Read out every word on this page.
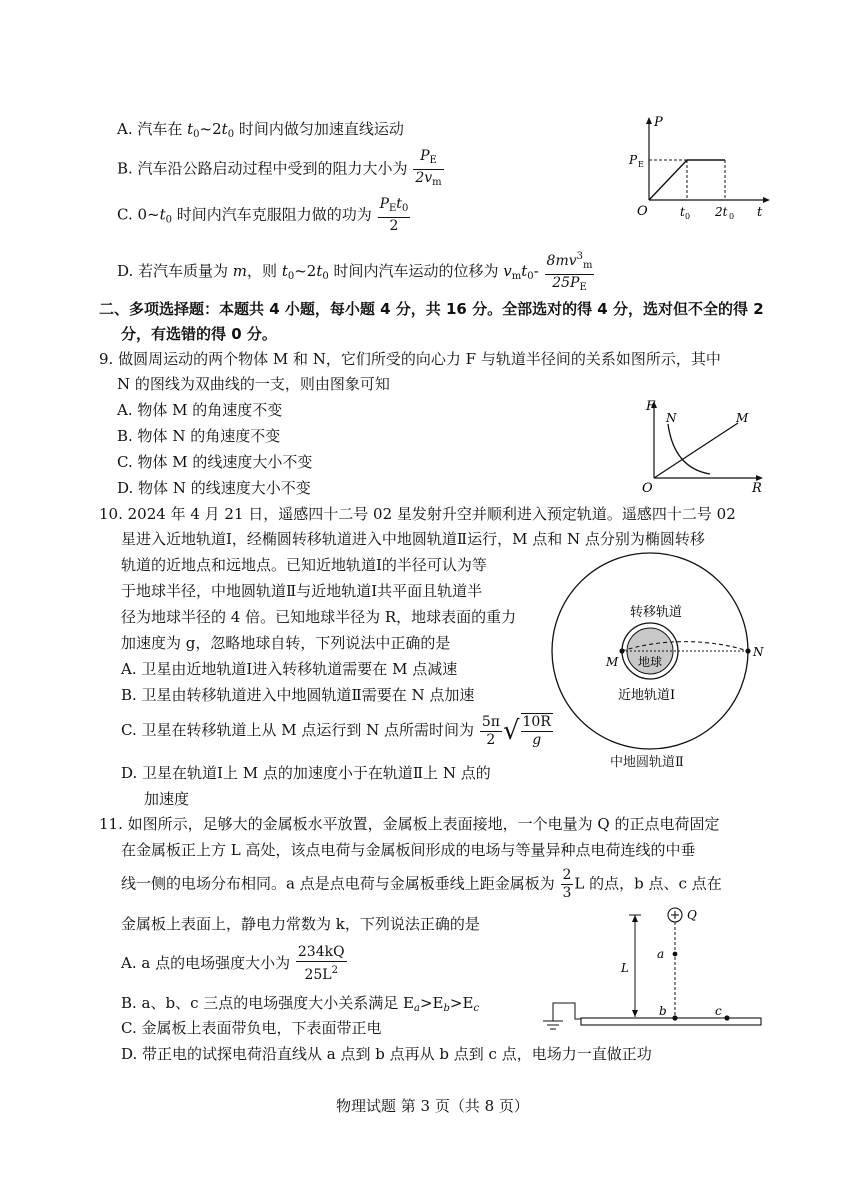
A. 汽车在 $t_0\sim 2t_0$ 时间内做匀加速直线运动
B. 汽车沿公路启动过程中受到的阻力大小为 $\frac{P_E}{2v_m}$
C. $0\sim t_0$ 时间内汽车克服阻力做的功为 $\frac{P_Et_0}{2}$
D. 若汽车质量为 m，则 $t_0\sim 2t_0$ 时间内汽车运动的位移为 $v_mt_0- \frac{8mv^3_m}{25P_E}$
P
P E
O	t 0 2t 0 t
二、多项选择题：本题共 4 小题，每小题 4 分，共 16 分。全部选对的得 4 分，选对但不全的得 2
分，有选错的得 0 分。
9. 做圆周运动的两个物体 M 和 N，它们所受的向心力 F 与轨道半径间的关系如图所示，其中
N 的图线为双曲线的一支，则由图象可知
A. 物体 M 的角速度不变
B. 物体 N 的角速度不变
C. 物体 M 的线速度大小不变
D. 物体 N 的线速度大小不变
F
N	M
O	R
10. 2024 年 4 月 21 日，遥感四十二号 02 星发射升空并顺利进入预定轨道。遥感四十二号 02
星进入近地轨道Ⅰ，经椭圆转移轨道进入中地圆轨道Ⅱ运行，M 点和 N 点分别为椭圆转移
轨道的近地点和远地点。已知近地轨道Ⅰ的半径可认为等
于地球半径，中地圆轨道Ⅱ与近地轨道Ⅰ共平面且轨道半
径为地球半径的 4 倍。已知地球半径为 R，地球表面的重力
加速度为 g，忽略地球自转，下列说法中正确的是
A. 卫星由近地轨道Ⅰ进入转移轨道需要在 M 点减速
B. 卫星由转移轨道进入中地圆轨道Ⅱ需要在 N 点加速
C. 卫星在转移轨道上从 M 点运行到 N 点所需时间为 $\frac{5\pi}{2}$ √ $\frac{10R}{g}$
D. 卫星在轨道Ⅰ上 M 点的加速度小于在轨道Ⅱ上 N 点的
加速度
转移轨道
地球
近地轨道Ⅰ
M
N
中地圆轨道Ⅱ
11. 如图所示，足够大的金属板水平放置，金属板上表面接地，一个电量为 Q 的正点电荷固定
在金属板正上方 L 高处，该点电荷与金属板间形成的电场与等量异种点电荷连线的中垂
线一侧的电场分布相同。a 点是点电荷与金属板垂线上距金属板为 $\frac{2}{3}$ L 的点，b 点、c 点在
金属板上表面上，静电力常数为 k，下列说法正确的是
A. a 点的电场强度大小为 $\frac{234kQ}{25L^2}$
B. a、b、c 三点的电场强度大小关系满足 $E_a>E_b>E_c$
C. 金属板上表面带负电，下表面带正电
D. 带正电的试探电荷沿直线从 a 点到 b 点再从 b 点到 c 点，电场力一直做正功
Q
a
L
b	c
物理试题 第 3 页（共 8 页）
